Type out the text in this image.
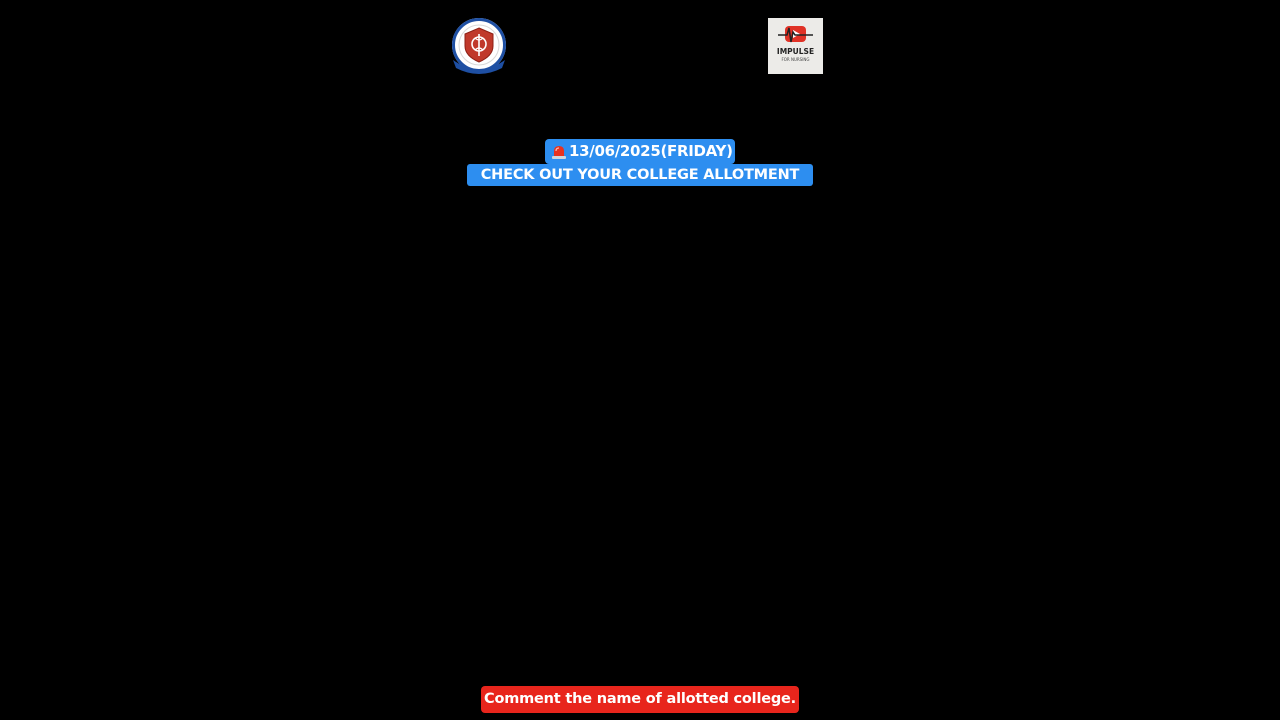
IMPULSE
FOR NURSING
13/06/2025(FRIDAY)
CHECK OUT YOUR COLLEGE ALLOTMENT
Comment the name of allotted college.
